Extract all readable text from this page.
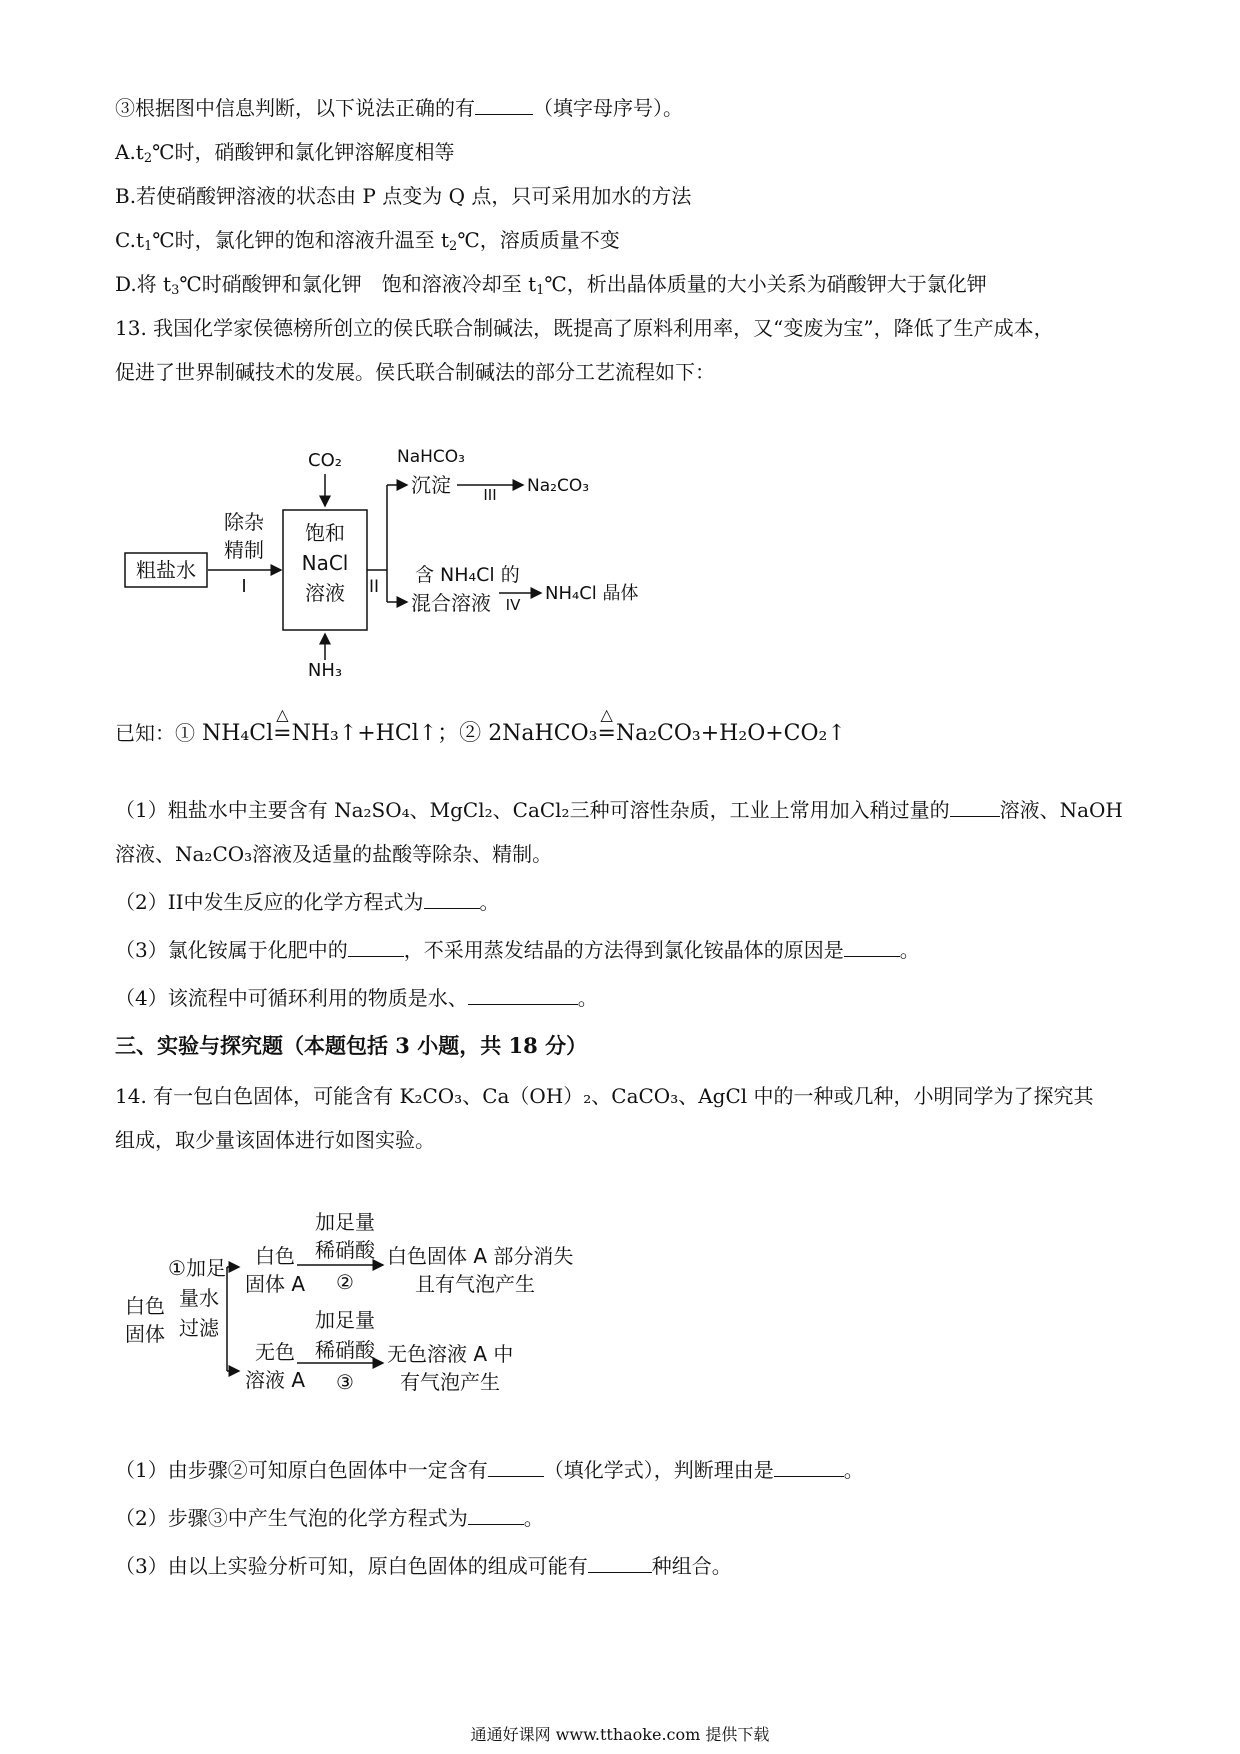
③根据图中信息判断，以下说法正确的有	（填字母序号）。
$A.t_2℃$时，硝酸钾和氯化钾溶解度相等
B.若使硝酸钾溶液的状态由 P 点变为 Q 点，只可采用加水的方法
$C.t_1℃$时，氯化钾的饱和溶液升温至 $t_2℃$，溶质质量不变
D.将 $t_3℃$时硝酸钾和氯化钾　饱和溶液冷却至 $t_1℃$，析出晶体质量的大小关系为硝酸钾大于氯化钾
13. 我国化学家侯德榜所创立的侯氏联合制碱法，既提高了原料利用率，又“变废为宝”，降低了生产成本，
促进了世界制碱技术的发展。侯氏联合制碱法的部分工艺流程如下：
粗盐水
除杂
精制
I
饱和
NaCl
溶液
CO₂
NH₃
II
NaHCO₃
沉淀 III Na₂CO₃
含 NH₄Cl 的
混合溶液 IV
NH₄Cl 晶体
已知：① NH₄Cl
△
=NH₃↑+HCl↑；② 2NaHCO₃
△
=Na₂CO₃+H₂O+CO₂↑
（1）粗盐水中主要含有 Na₂SO₄、MgCl₂、CaCl₂三种可溶性杂质，工业上常用加入稍过量的	溶液、NaOH
溶液、Na₂CO₃溶液及适量的盐酸等除杂、精制。
（2）II中发生反应的化学方程式为	。
（3）氯化铵属于化肥中的	，不采用蒸发结晶的方法得到氯化铵晶体的原因是	。
（4）该流程中可循环利用的物质是水、	。
三、实验与探究题（本题包括 3 小题，共 18 分）
14. 有一包白色固体，可能含有 K₂CO₃、Ca（OH）₂、CaCO₃、AgCl 中的一种或几种，小明同学为了探究其
组成，取少量该固体进行如图实验。
白色
固体
①加足
量水
过滤
白色
固体 A
加足量
稀硝酸
②
白色固体 A 部分消失
且有气泡产生
无色
溶液 A
加足量
稀硝酸
③
无色溶液 A 中
有气泡产生
（1）由步骤②可知原白色固体中一定含有	（填化学式），判断理由是	。
（2）步骤③中产生气泡的化学方程式为	。
（3）由以上实验分析可知，原白色固体的组成可能有	种组合。
通通好课网 www.tthaoke.com 提供下载
